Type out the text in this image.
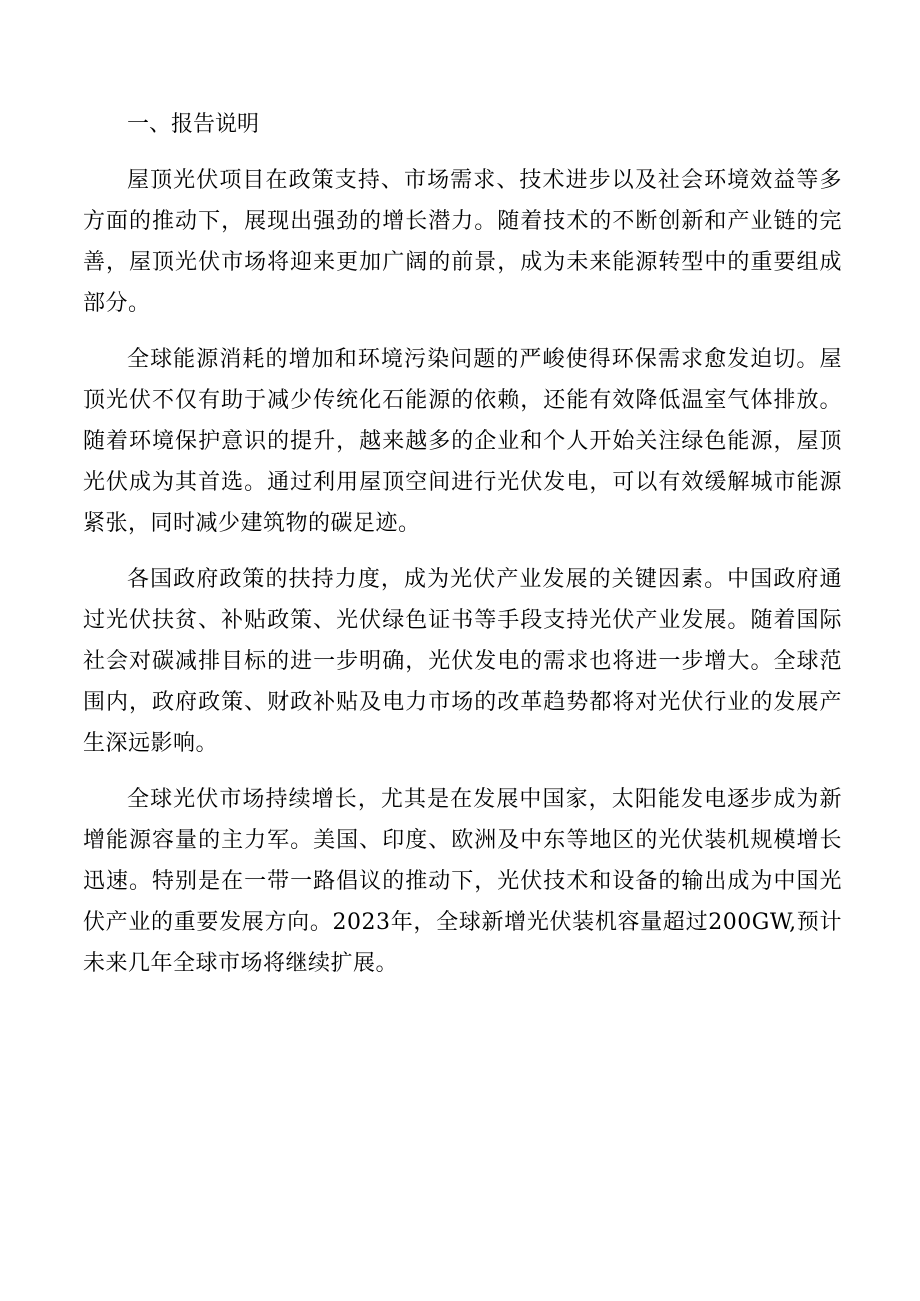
一、报告说明

屋顶光伏项目在政策支持、市场需求、技术进步以及社会环境效益等多方面的推动下，展现出强劲的增长潜力。随着技术的不断创新和产业链的完善，屋顶光伏市场将迎来更加广阔的前景，成为未来能源转型中的重要组成部分。

全球能源消耗的增加和环境污染问题的严峻使得环保需求愈发迫切。屋顶光伏不仅有助于减少传统化石能源的依赖，还能有效降低温室气体排放。随着环境保护意识的提升，越来越多的企业和个人开始关注绿色能源，屋顶光伏成为其首选。通过利用屋顶空间进行光伏发电，可以有效缓解城市能源紧张，同时减少建筑物的碳足迹。

各国政府政策的扶持力度，成为光伏产业发展的关键因素。中国政府通过光伏扶贫、补贴政策、光伏绿色证书等手段支持光伏产业发展。随着国际社会对碳减排目标的进一步明确，光伏发电的需求也将进一步增大。全球范围内，政府政策、财政补贴及电力市场的改革趋势都将对光伏行业的发展产生深远影响。

全球光伏市场持续增长，尤其是在发展中国家，太阳能发电逐步成为新增能源容量的主力军。美国、印度、欧洲及中东等地区的光伏装机规模增长迅速。特别是在一带一路倡议的推动下，光伏技术和设备的输出成为中国光伏产业的重要发展方向。2023年，全球新增光伏装机容量超过200GW,预计未来几年全球市场将继续扩展。
